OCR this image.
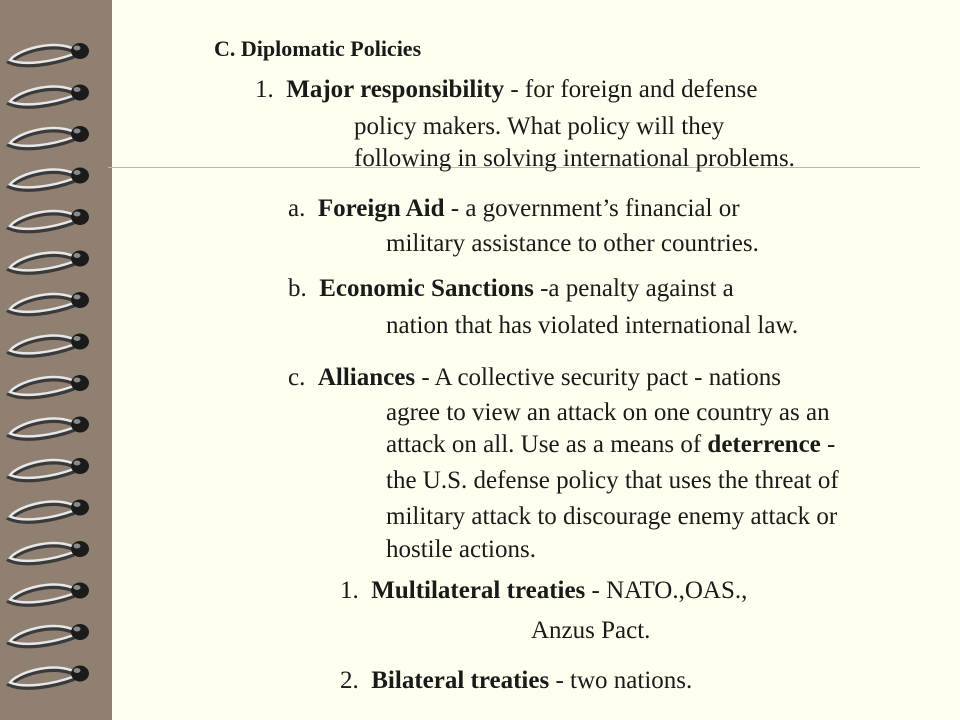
C. Diplomatic Policies
1. Major responsibility - for foreign and defense
policy makers. What policy will they
following in solving international problems.
a. Foreign Aid - a government’s financial or
military assistance to other countries.
b. Economic Sanctions -a penalty against a
nation that has violated international law.
c. Alliances - A collective security pact - nations
agree to view an attack on one country as an
attack on all. Use as a means of deterrence -
the U.S. defense policy that uses the threat of
military attack to discourage enemy attack or
hostile actions.
1. Multilateral treaties - NATO.,OAS.,
Anzus Pact.
2. Bilateral treaties - two nations.
